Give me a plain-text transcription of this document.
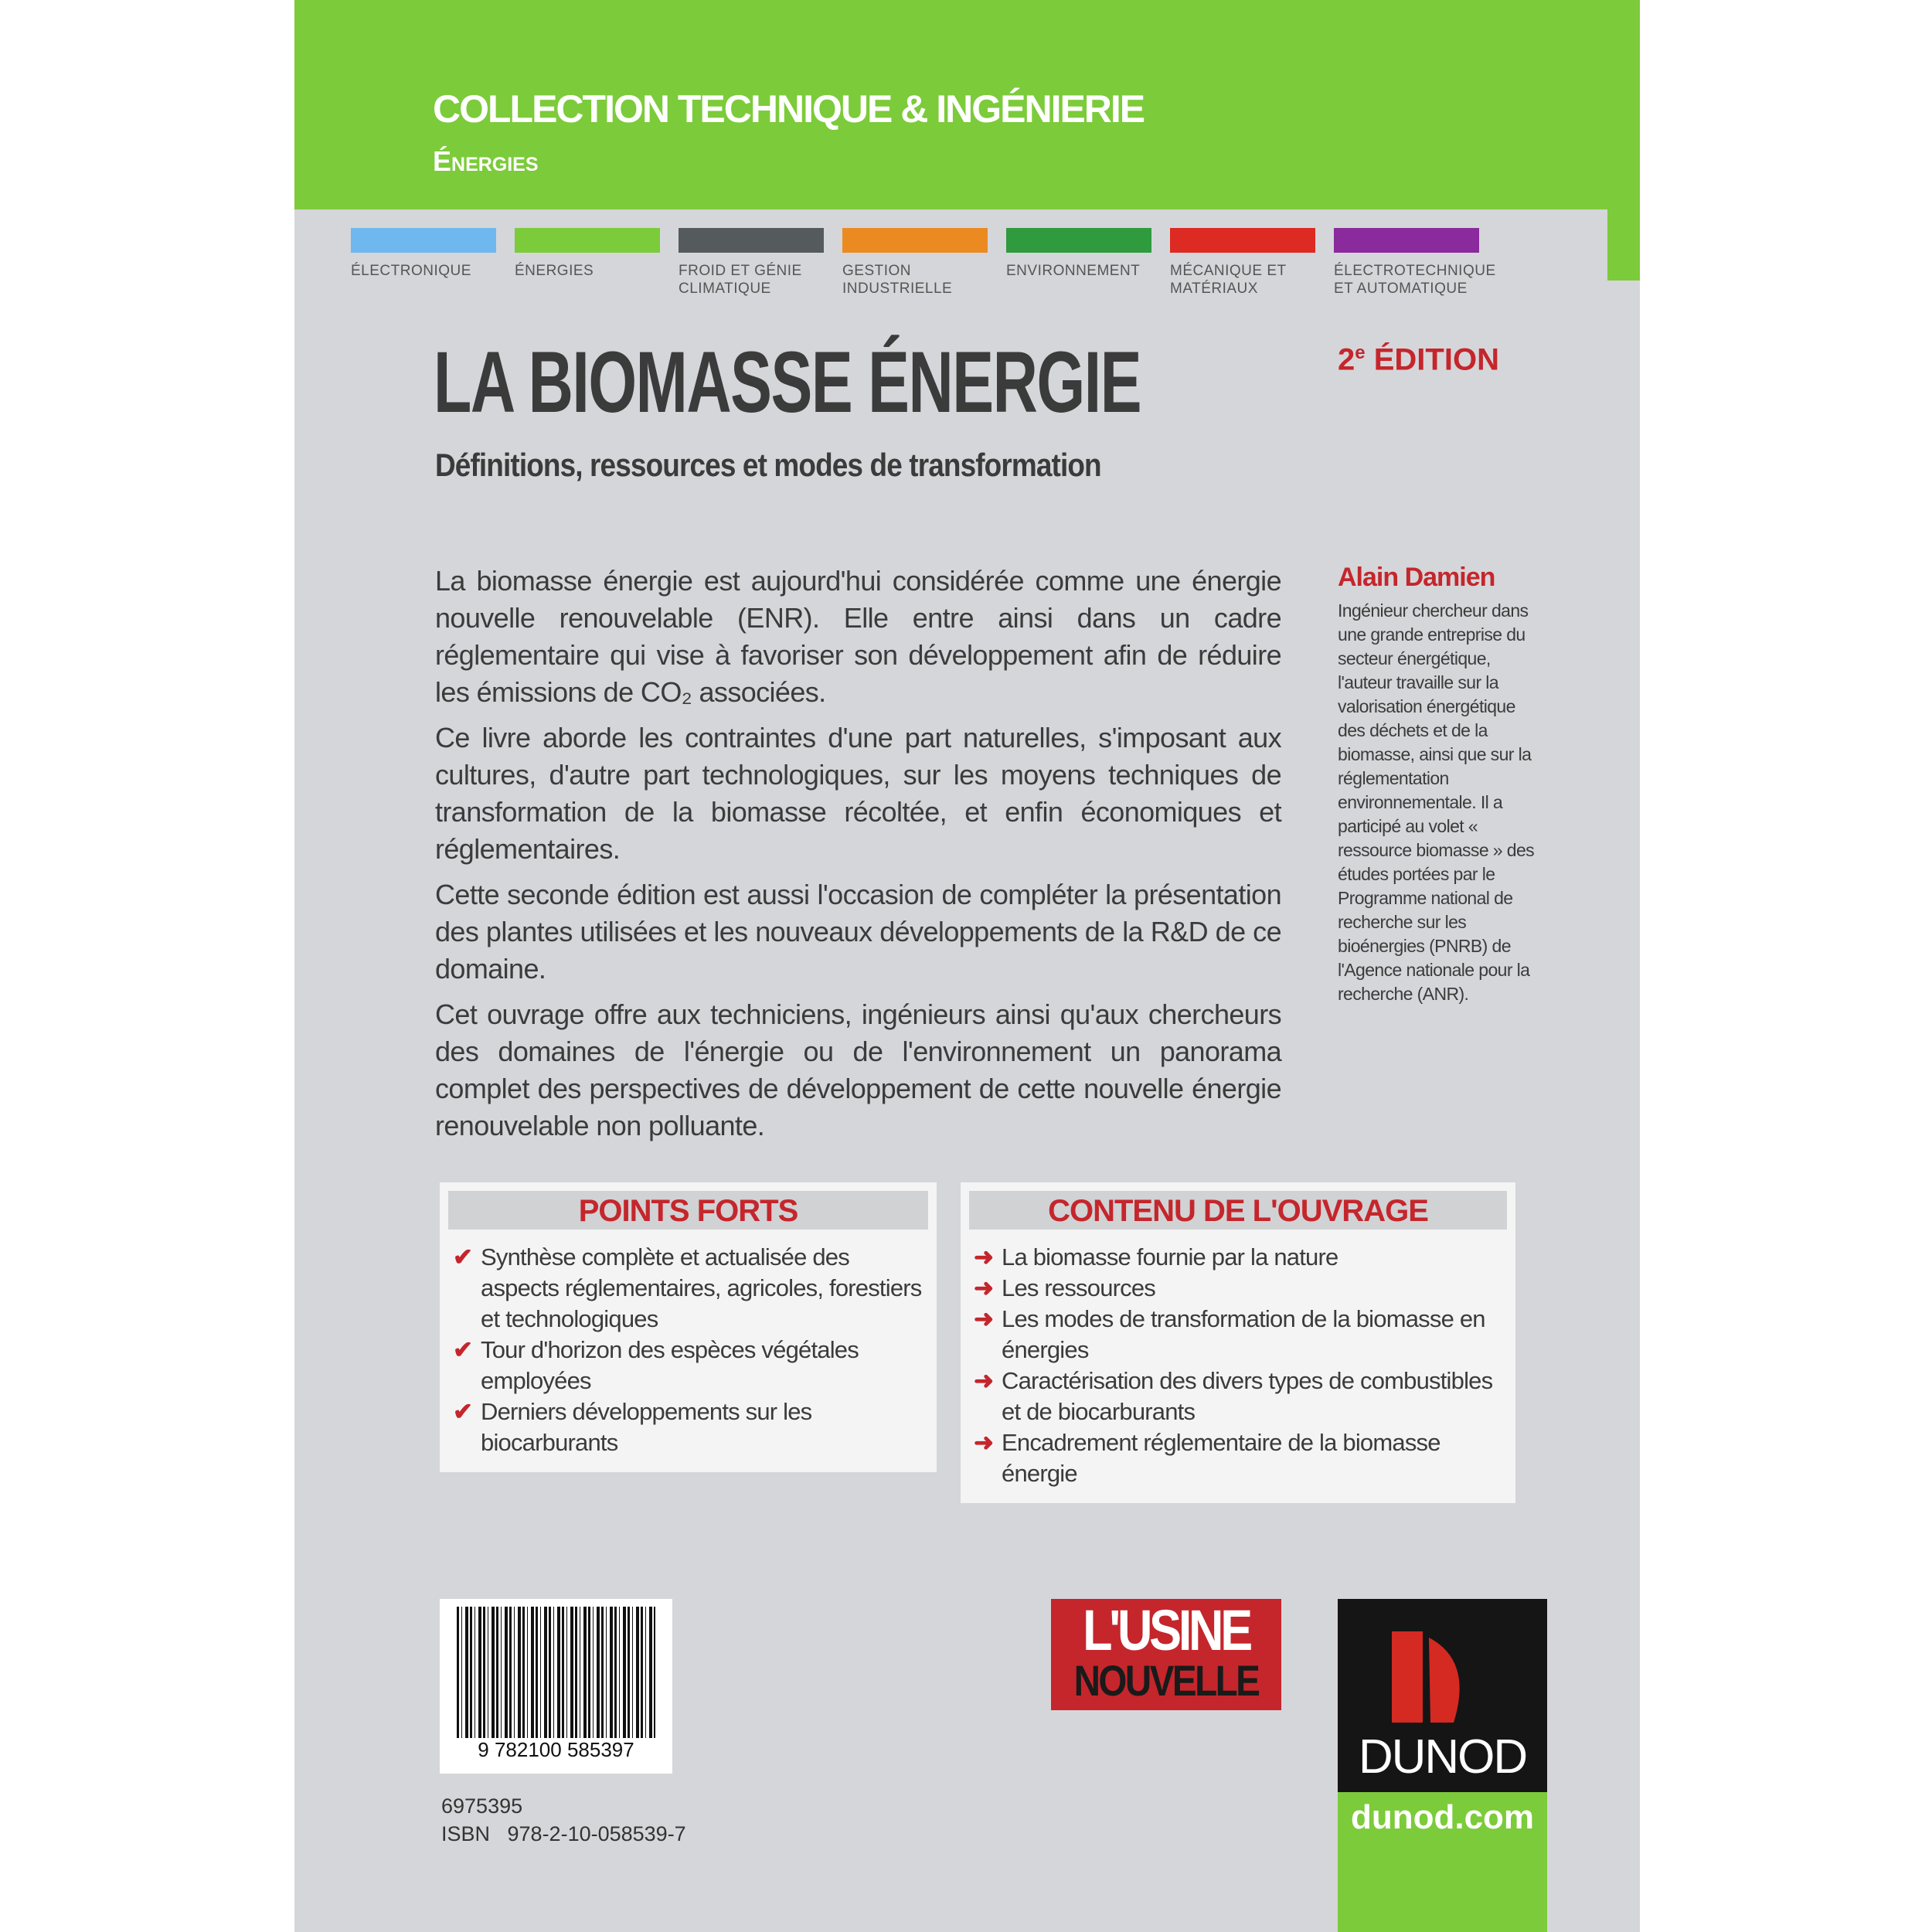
COLLECTION TECHNIQUE & INGÉNIERIE
Énergies
ÉLECTRONIQUE	ÉNERGIES	FROID ET GÉNIE CLIMATIQUE
GESTION INDUSTRIELLE
ENVIRONNEMENT	MÉCANIQUE ET MATÉRIAUX
ÉLECTROTECHNIQUE ET AUTOMATIQUE
LA BIOMASSE ÉNERGIE	2e ÉDITION
Définitions, ressources et modes de transformation

La biomasse énergie est aujourd'hui considérée comme une énergie nouvelle renouvelable (ENR). Elle entre ainsi dans un cadre réglementaire qui vise à favoriser son développement afin de réduire les émissions de CO₂ associées.

Ce livre aborde les contraintes d'une part naturelles, s'imposant aux cultures, d'autre part technologiques, sur les moyens techniques de transformation de la biomasse récoltée, et enfin économiques et réglementaires.

Cette seconde édition est aussi l'occasion de compléter la présentation des plantes utilisées et les nouveaux développements de la R&D de ce domaine.

Cet ouvrage offre aux techniciens, ingénieurs ainsi qu'aux chercheurs des domaines de l'énergie ou de l'environnement un panorama complet des perspectives de développement de cette nouvelle énergie renouvelable non polluante.

Alain Damien

Ingénieur chercheur dans une grande entreprise du secteur énergétique, l'auteur travaille sur la valorisation énergétique des déchets et de la biomasse, ainsi que sur la réglementation environnementale. Il a participé au volet « ressource biomasse » des études portées par le Programme national de recherche sur les bioénergies (PNRB) de l'Agence nationale pour la recherche (ANR).

POINTS FORTS
✔ Synthèse complète et actualisée des aspects réglementaires, agricoles, forestiers et technologiques
✔ Tour d'horizon des espèces végétales employées
✔ Derniers développements sur les biocarburants
CONTENU DE L'OUVRAGE
➜ La biomasse fournie par la nature
➜ Les ressources
➜ Les modes de transformation de la biomasse en énergies
➜ Caractérisation des divers types de combustibles et de biocarburants
➜ Encadrement réglementaire de la biomasse énergie
9 782100 585397
6975395
ISBN   978-2-10-058539-7
L'USINE
NOUVELLE
DUNOD
dunod.com
